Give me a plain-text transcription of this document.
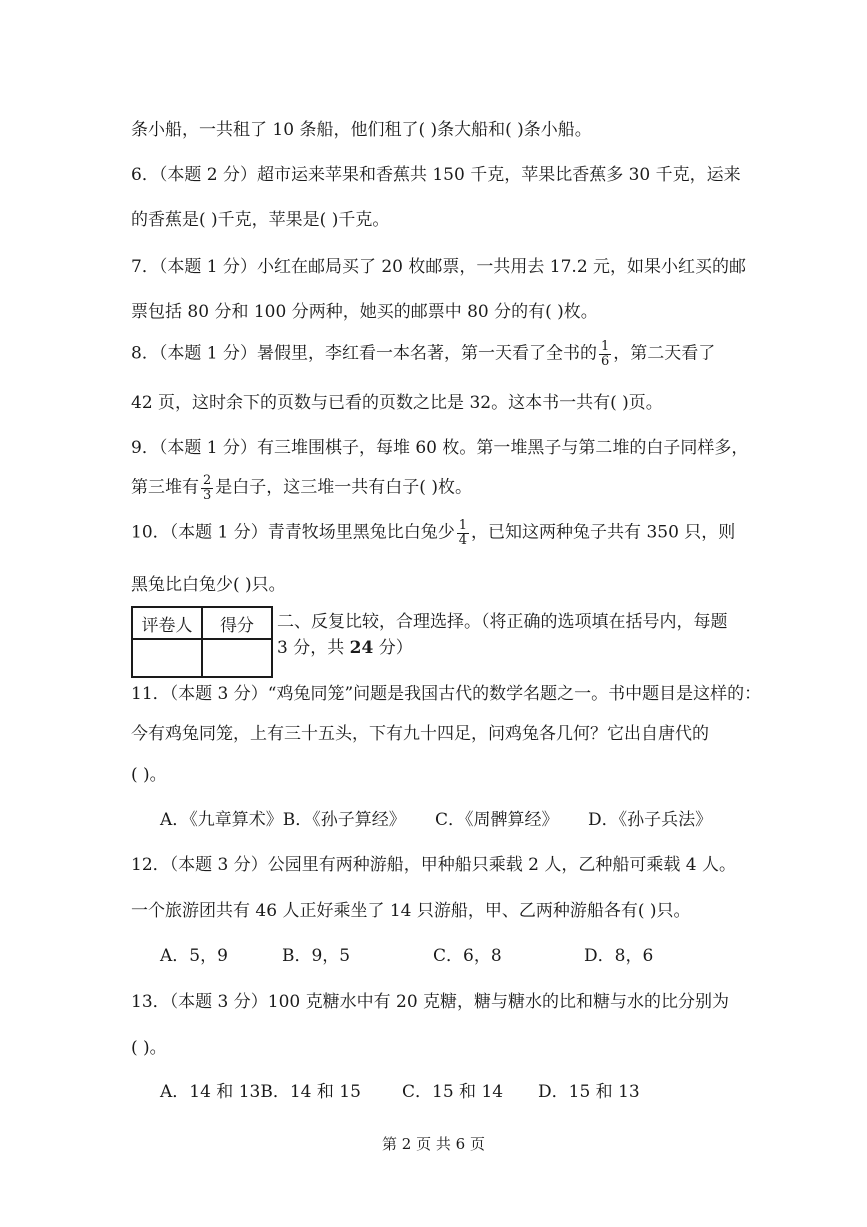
条小船，一共租了 10 条船，他们租了( )条大船和( )条小船。
6．（本题 2 分）超市运来苹果和香蕉共 150 千克，苹果比香蕉多 30 千克，运来
的香蕉是( )千克，苹果是( )千克。
7．（本题 1 分）小红在邮局买了 20 枚邮票，一共用去 17.2 元，如果小红买的邮
票包括 80 分和 100 分两种，她买的邮票中 80 分的有( )枚。
8．（本题 1 分）暑假里，李红看一本名著，第一天看了全书的 $\frac{1}{6}$ ，第二天看了
42 页，这时余下的页数与已看的页数之比是 32。这本书一共有( )页。
9．（本题 1 分）有三堆围棋子，每堆 60 枚。第一堆黑子与第二堆的白子同样多，
第三堆有 $\frac{2}{3}$ 是白子，这三堆一共有白子( )枚。
10．（本题 1 分）青青牧场里黑兔比白兔少 $\frac{1}{4}$ ，已知这两种兔子共有 350 只，则
黑兔比白兔少( )只。
评卷人	得分
	二、反复比较，合理选择。（将正确的选项填在括号内，每题
3 分，共 24 分）
11．（本题 3 分）“鸡兔同笼”问题是我国古代的数学名题之一。书中题目是这样的：
今有鸡兔同笼，上有三十五头，下有九十四足，问鸡兔各几何？它出自唐代的
( )。
A．《九章算术》B．《孙子算经》 C．《周髀算经》 D．《孙子兵法》
12．（本题 3 分）公园里有两种游船，甲种船只乘载 2 人，乙种船可乘载 4 人。
一个旅游团共有 46 人正好乘坐了 14 只游船，甲、乙两种游船各有( )只。
A．5，9	B．9，5	C．6，8	D．8，6
13．（本题 3 分）100 克糖水中有 20 克糖，糖与糖水的比和糖与水的比分别为
( )。
A．14 和 13B．14 和 15 C．15 和 14 D．15 和 13
第 2 页 共 6 页
